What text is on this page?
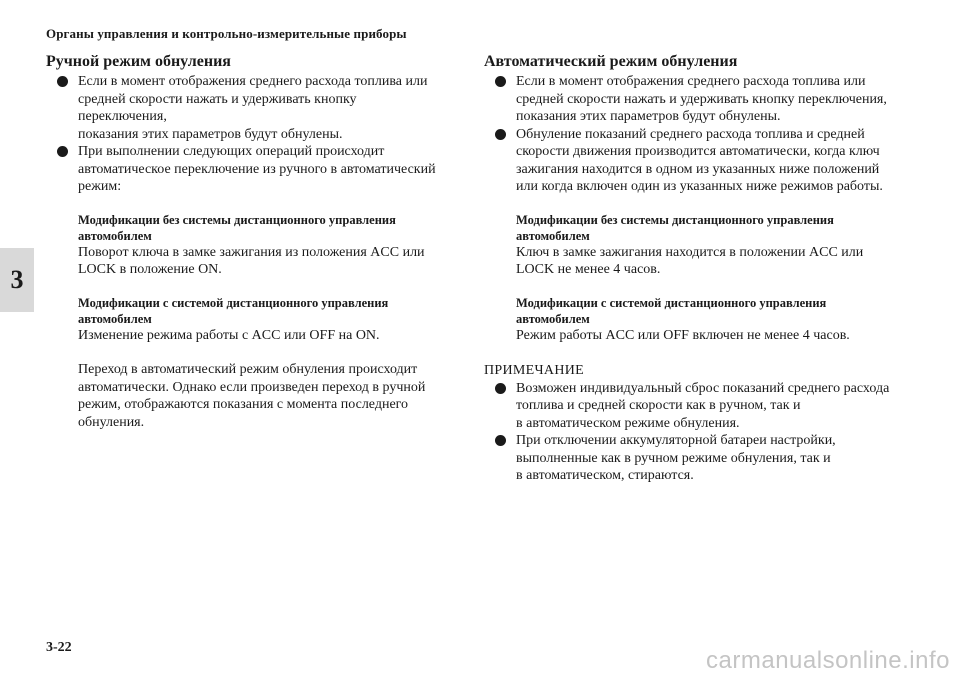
Органы управления и контрольно-измерительные приборы
3
Ручной режим обнуления
Если в момент отображения среднего расхода топлива или
средней скорости нажать и удерживать кнопку переключения,
показания этих параметров будут обнулены.
При выполнении следующих операций происходит
автоматическое переключение из ручного в автоматический
режим:
Модификации без системы дистанционного управления
автомобилем
Поворот ключа в замке зажигания из положения ACC или
LOCK в положение ON.
Модификации с системой дистанционного управления
автомобилем
Изменение режима работы с ACC или OFF на ON.
Переход в автоматический режим обнуления происходит
автоматически. Однако если произведен переход в ручной
режим, отображаются показания с момента последнего
обнуления.
Автоматический режим обнуления
Если в момент отображения среднего расхода топлива или
средней скорости нажать и удерживать кнопку переключения,
показания этих параметров будут обнулены.
Обнуление показаний среднего расхода топлива и средней
скорости движения производится автоматически, когда ключ
зажигания находится в одном из указанных ниже положений
или когда включен один из указанных ниже режимов работы.
Модификации без системы дистанционного управления
автомобилем
Ключ в замке зажигания находится в положении ACC или
LOCK не менее 4 часов.
Модификации с системой дистанционного управления
автомобилем
Режим работы ACC или OFF включен не менее 4 часов.
ПРИМЕЧАНИЕ
Возможен индивидуальный сброс показаний среднего расхода
топлива и средней скорости как в ручном, так и
в автоматическом режиме обнуления.
При отключении аккумуляторной батареи настройки,
выполненные как в ручном режиме обнуления, так и
в автоматическом, стираются.
3-22	carmanualsonline.info
